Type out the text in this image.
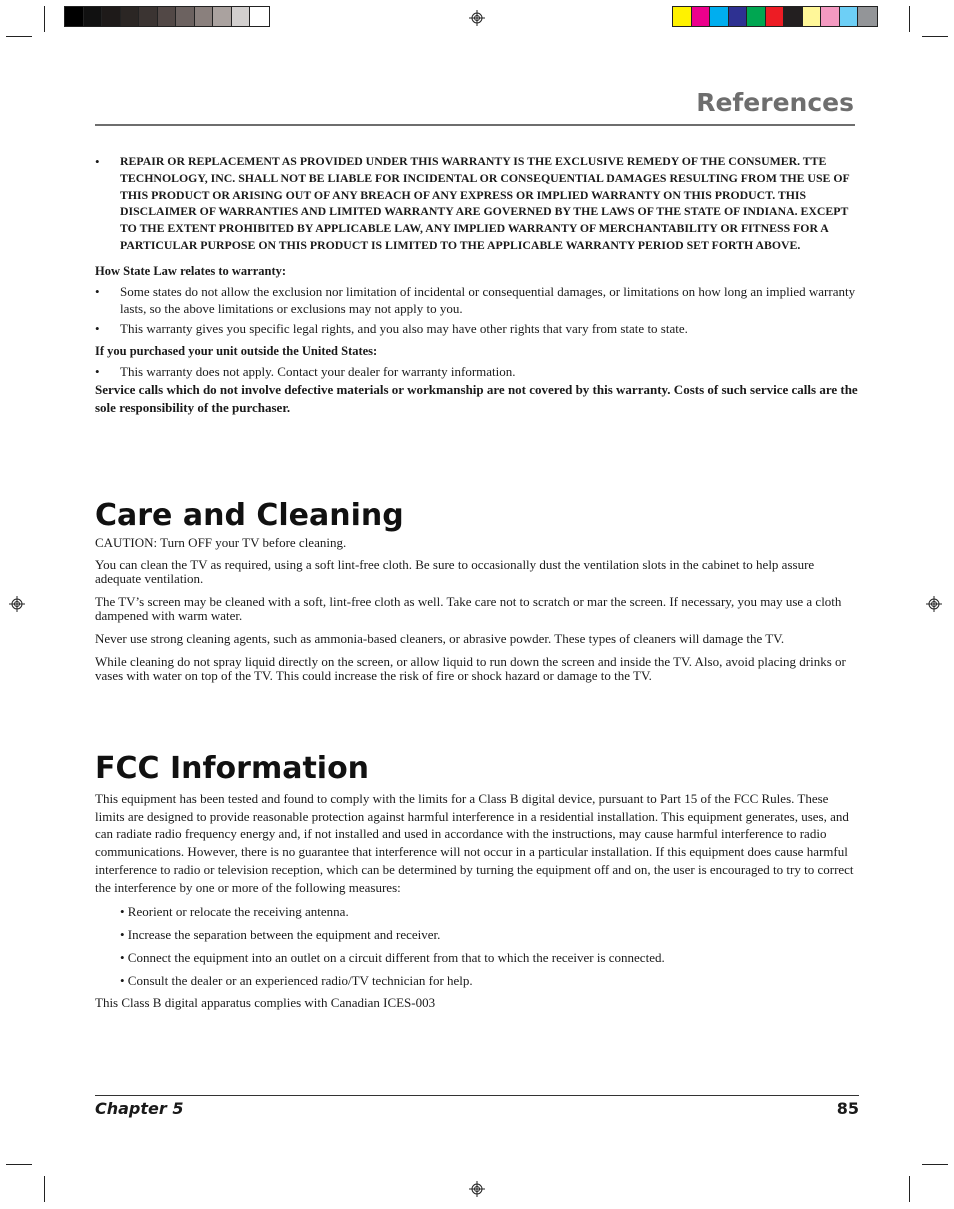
References
•	REPAIR OR REPLACEMENT AS PROVIDED UNDER THIS WARRANTY IS THE EXCLUSIVE REMEDY OF THE CONSUMER. TTE TECHNOLOGY, INC. SHALL NOT BE LIABLE FOR INCIDENTAL OR CONSEQUENTIAL DAMAGES RESULTING FROM THE USE OF THIS PRODUCT OR ARISING OUT OF ANY BREACH OF ANY EXPRESS OR IMPLIED WARRANTY ON THIS PRODUCT. THIS DISCLAIMER OF WARRANTIES AND LIMITED WARRANTY ARE GOVERNED BY THE LAWS OF THE STATE OF INDIANA. EXCEPT TO THE EXTENT PROHIBITED BY APPLICABLE LAW, ANY IMPLIED WARRANTY OF MERCHANTABILITY OR FITNESS FOR A PARTICULAR PURPOSE ON THIS PRODUCT IS LIMITED TO THE APPLICABLE WARRANTY PERIOD SET FORTH ABOVE.

How State Law relates to warranty:

•	Some states do not allow the exclusion nor limitation of incidental or consequential damages, or limitations on how long an implied warranty lasts, so the above limitations or exclusions may not apply to you.
•	This warranty gives you specific legal rights, and you also may have other rights that vary from state to state.

If you purchased your unit outside the United States:

•	This warranty does not apply. Contact your dealer for warranty information.

Service calls which do not involve defective materials or workmanship are not covered by this warranty. Costs of such service calls are the sole responsibility of the purchaser.

Care and Cleaning

CAUTION: Turn OFF your TV before cleaning.

You can clean the TV as required, using a soft lint-free cloth. Be sure to occasionally dust the ventilation slots in the cabinet to help assure adequate ventilation.

The TV’s screen may be cleaned with a soft, lint-free cloth as well. Take care not to scratch or mar the screen. If necessary, you may use a cloth dampened with warm water.

Never use strong cleaning agents, such as ammonia-based cleaners, or abrasive powder. These types of cleaners will damage the TV.

While cleaning do not spray liquid directly on the screen, or allow liquid to run down the screen and inside the TV. Also, avoid placing drinks or vases with water on top of the TV. This could increase the risk of fire or shock hazard or damage to the TV.

FCC Information

This equipment has been tested and found to comply with the limits for a Class B digital device, pursuant to Part 15 of the FCC Rules. These limits are designed to provide reasonable protection against harmful interference in a residential installation. This equipment generates, uses, and can radiate radio frequency energy and, if not installed and used in accordance with the instructions, may cause harmful interference to radio communications. However, there is no guarantee that interference will not occur in a particular installation. If this equipment does cause harmful interference to radio or television reception, which can be determined by turning the equipment off and on, the user is encouraged to try to correct the interference by one or more of the following measures:

• Reorient or relocate the receiving antenna.

• Increase the separation between the equipment and receiver.

• Connect the equipment into an outlet on a circuit different from that to which the receiver is connected.

• Consult the dealer or an experienced radio/TV technician for help.

This Class B digital apparatus complies with Canadian ICES-003

Chapter 5	85
